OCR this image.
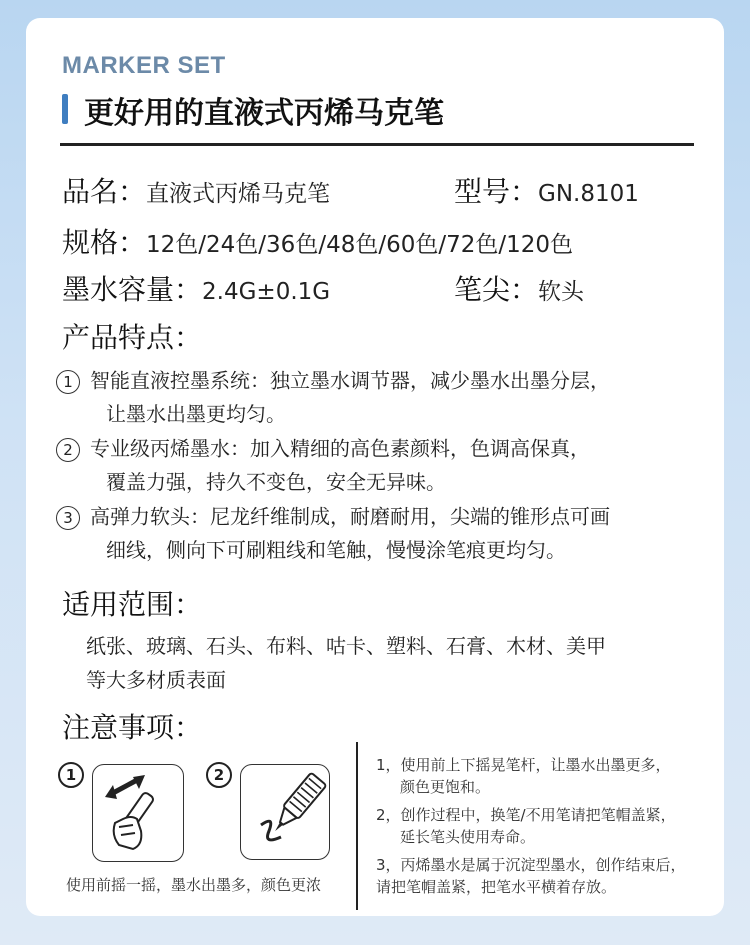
MARKER SET
更好用的直液式丙烯马克笔
品名：直液式丙烯马克笔	型号：GN.8101
规格：12色/24色/36色/48色/60色/72色/120色
墨水容量：2.4G±0.1G	笔尖：软头
产品特点：
1 智能直液控墨系统：独立墨水调节器，减少墨水出墨分层，
让墨水出墨更均匀。
2 专业级丙烯墨水：加入精细的高色素颜料，色调高保真，
覆盖力强，持久不变色，安全无异味。
3 高弹力软头：尼龙纤维制成，耐磨耐用，尖端的锥形点可画
细线，侧向下可刷粗线和笔触，慢慢涂笔痕更均匀。
适用范围：
纸张、玻璃、石头、布料、咕卡、塑料、石膏、木材、美甲
等大多材质表面
注意事项：
1	2
使用前摇一摇，墨水出墨多，颜色更浓
1，使用前上下摇晃笔杆，让墨水出墨更多，
颜色更饱和。
2，创作过程中，换笔/不用笔请把笔帽盖紧，
延长笔头使用寿命。
3，丙烯墨水是属于沉淀型墨水，创作结束后，
请把笔帽盖紧，把笔水平横着存放。
